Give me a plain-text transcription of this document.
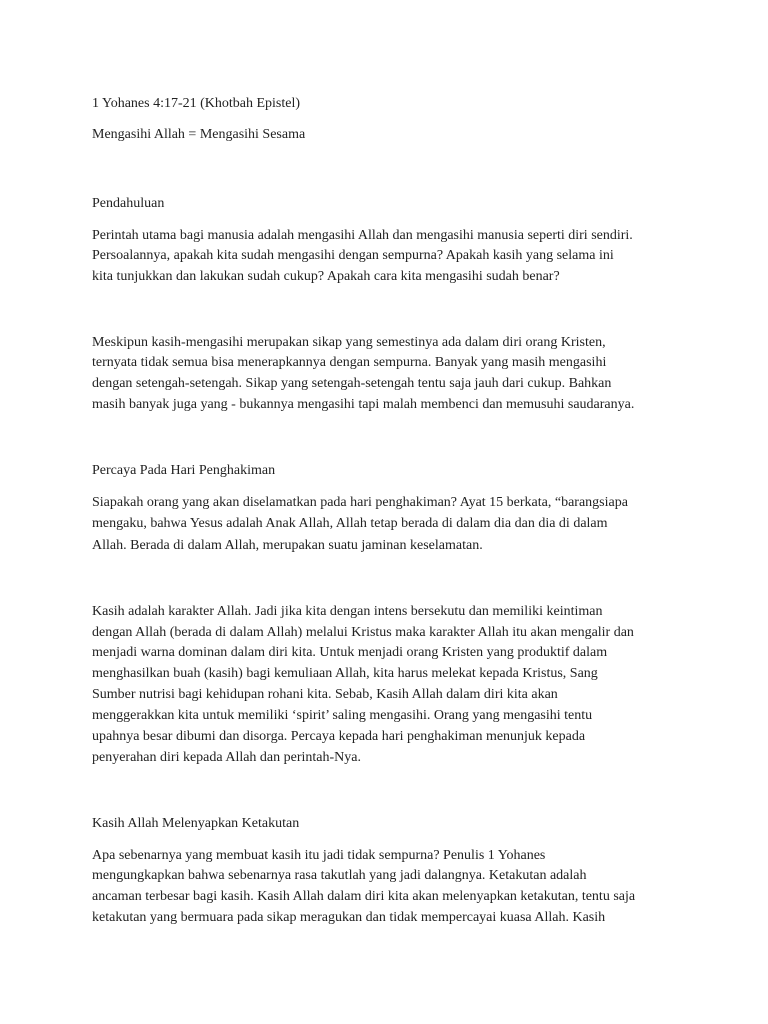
1 Yohanes 4:17-21 (Khotbah Epistel)
Mengasihi Allah = Mengasihi Sesama
Pendahuluan
Perintah utama bagi manusia adalah mengasihi Allah dan mengasihi manusia seperti diri sendiri.
Persoalannya, apakah kita sudah mengasihi dengan sempurna? Apakah kasih yang selama ini
kita tunjukkan dan lakukan sudah cukup? Apakah cara kita mengasihi sudah benar?
Meskipun kasih-mengasihi merupakan sikap yang semestinya ada dalam diri orang Kristen,
ternyata tidak semua bisa menerapkannya dengan sempurna. Banyak yang masih mengasihi
dengan setengah-setengah. Sikap yang setengah-setengah tentu saja jauh dari cukup. Bahkan
masih banyak juga yang - bukannya mengasihi tapi malah membenci dan memusuhi saudaranya.
Percaya Pada Hari Penghakiman
Siapakah orang yang akan diselamatkan pada hari penghakiman? Ayat 15 berkata, “barangsiapa
mengaku, bahwa Yesus adalah Anak Allah, Allah tetap berada di dalam dia dan dia di dalam
Allah. Berada di dalam Allah, merupakan suatu jaminan keselamatan.
Kasih adalah karakter Allah. Jadi jika kita dengan intens bersekutu dan memiliki keintiman
dengan Allah (berada di dalam Allah) melalui Kristus maka karakter Allah itu akan mengalir dan
menjadi warna dominan dalam diri kita. Untuk menjadi orang Kristen yang produktif dalam
menghasilkan buah (kasih) bagi kemuliaan Allah, kita harus melekat kepada Kristus, Sang
Sumber nutrisi bagi kehidupan rohani kita. Sebab, Kasih Allah dalam diri kita akan
menggerakkan kita untuk memiliki ‘spirit’ saling mengasihi. Orang yang mengasihi tentu
upahnya besar dibumi dan disorga. Percaya kepada hari penghakiman menunjuk kepada
penyerahan diri kepada Allah dan perintah-Nya.
Kasih Allah Melenyapkan Ketakutan
Apa sebenarnya yang membuat kasih itu jadi tidak sempurna? Penulis 1 Yohanes
mengungkapkan bahwa sebenarnya rasa takutlah yang jadi dalangnya. Ketakutan adalah
ancaman terbesar bagi kasih. Kasih Allah dalam diri kita akan melenyapkan ketakutan, tentu saja
ketakutan yang bermuara pada sikap meragukan dan tidak mempercayai kuasa Allah. Kasih
